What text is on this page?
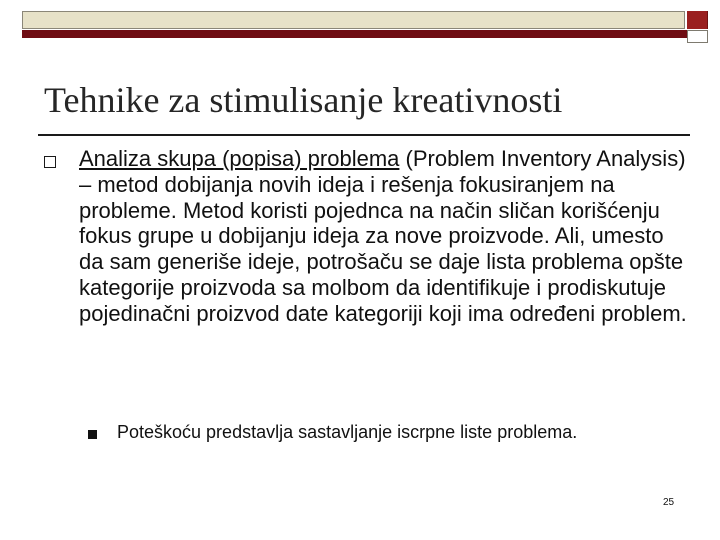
Tehnike za stimulisanje kreativnosti
Analiza skupa (popisa) problema (Problem Inventory Analysis) – metod dobijanja novih ideja i rešenja fokusiranjem na probleme. Metod koristi pojednca na način sličan korišćenju fokus grupe u dobijanju ideja za nove proizvode. Ali, umesto da sam generiše ideje, potrošaču se daje lista problema opšte kategorije proizvoda sa molbom da identifikuje i prodiskutuje pojedinačni proizvod date kategoriji koji ima određeni problem.
Poteškoću predstavlja sastavljanje iscrpne liste problema.
25
